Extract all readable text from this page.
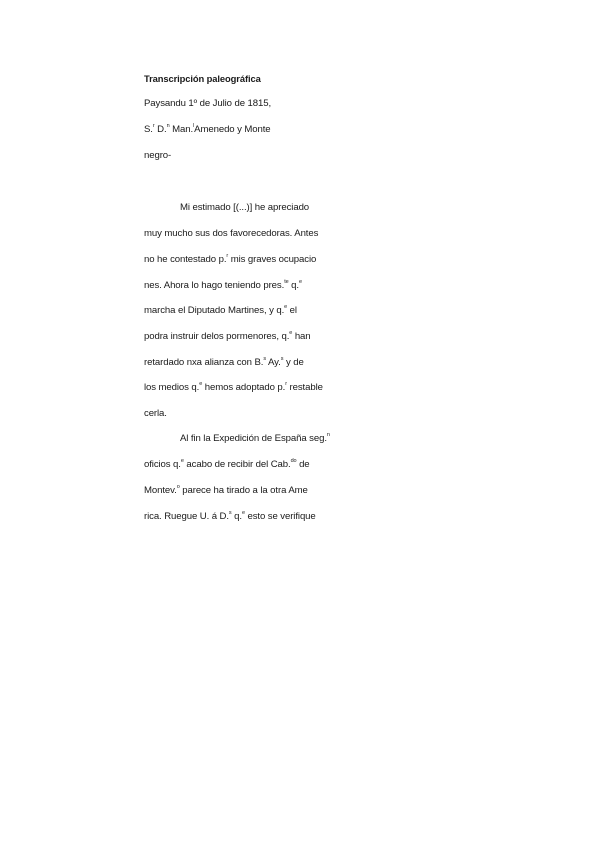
Transcripción paleográfica
Paysandu 1º de Julio de 1815,
S.$^r$ D.$^n$ Man.$^l$Amenedo y Monte
negro-
Mi estimado [(...)] he apreciado
muy mucho sus dos favorecedoras. Antes
no he contestado p.$^r$ mis graves ocupacio
nes. Ahora lo hago teniendo pres.$^{te}$ q.$^e$
marcha el Diputado Martines, y q.$^e$ el
podra instruir delos pormenores, q.$^e$ han
retardado nxa alianza con B.$^s$ Ay.$^s$ y de
los medios q.$^e$ hemos adoptado p.$^r$ restable
cerla.
Al fin la Expedición de España seg.$^n$
oficios q.$^e$ acabo de recibir del Cab.$^{do}$ de
Montev.$^o$ parece ha tirado a la otra Ame
rica. Ruegue U. á D.$^s$ q.$^e$ esto se verifique
